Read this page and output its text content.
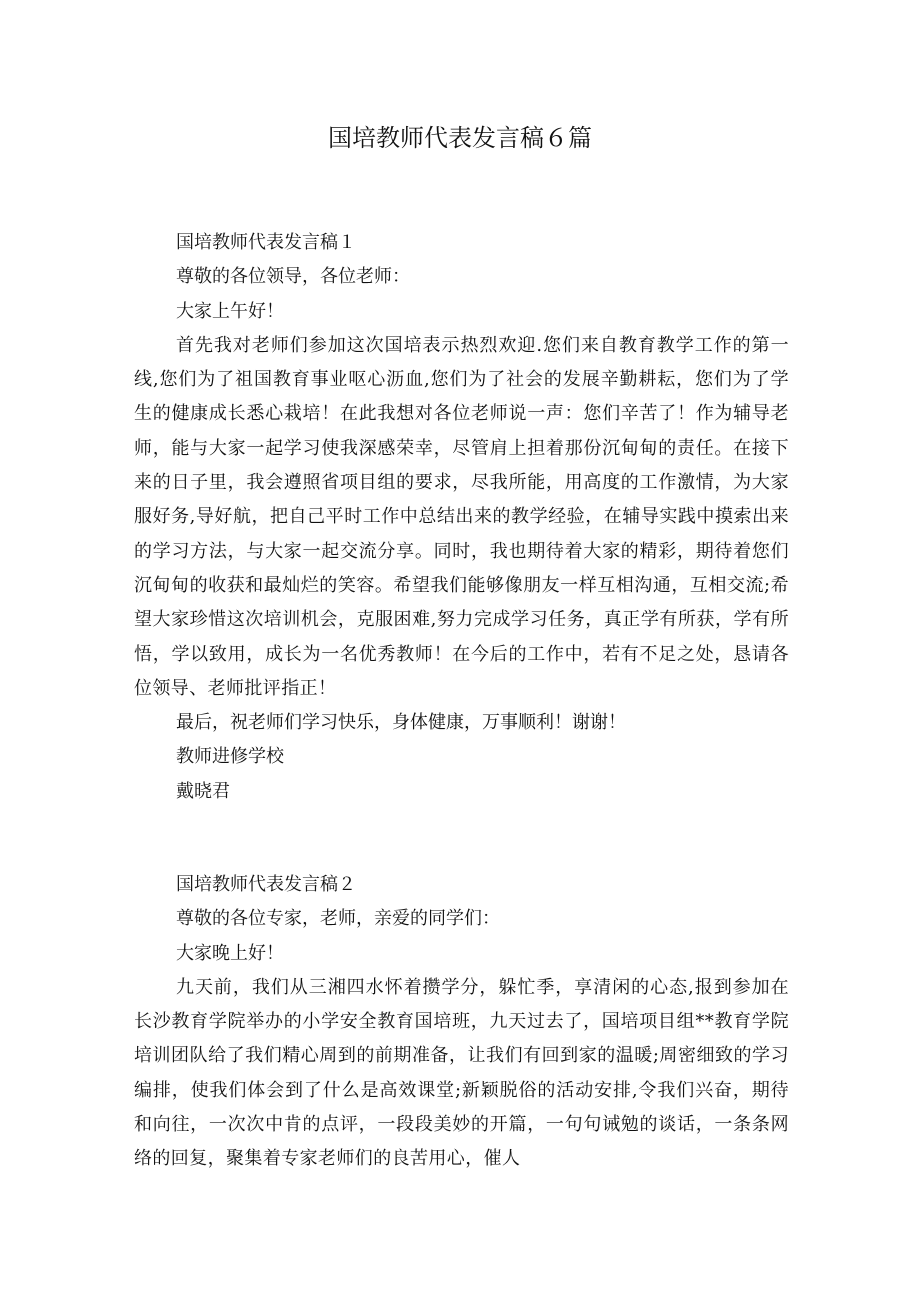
国培教师代表发言稿６篇
国培教师代表发言稿１
尊敬的各位领导，各位老师：
大家上午好！
首先我对老师们参加这次国培表示热烈欢迎.您们来自教育教学工作的第一线,您们为了祖国教育事业呕心沥血,您们为了社会的发展辛勤耕耘，您们为了学生的健康成长悉心栽培！在此我想对各位老师说一声：您们辛苦了！作为辅导老师，能与大家一起学习使我深感荣幸，尽管肩上担着那份沉甸甸的责任。在接下来的日子里，我会遵照省项目组的要求，尽我所能，用高度的工作激情，为大家服好务,导好航，把自己平时工作中总结出来的教学经验，在辅导实践中摸索出来的学习方法，与大家一起交流分享。同时，我也期待着大家的精彩，期待着您们沉甸甸的收获和最灿烂的笑容。希望我们能够像朋友一样互相沟通，互相交流;希望大家珍惜这次培训机会，克服困难,努力完成学习任务，真正学有所获，学有所悟，学以致用，成长为一名优秀教师！在今后的工作中，若有不足之处，恳请各位领导、老师批评指正！
最后，祝老师们学习快乐，身体健康，万事顺利！谢谢！
教师进修学校
戴晓君
国培教师代表发言稿２
尊敬的各位专家，老师，亲爱的同学们：
大家晚上好！
九天前，我们从三湘四水怀着攒学分，躲忙季，享清闲的心态,报到参加在长沙教育学院举办的小学安全教育国培班，九天过去了，国培项目组**教育学院培训团队给了我们精心周到的前期准备，让我们有回到家的温暖;周密细致的学习编排，使我们体会到了什么是高效课堂;新颖脱俗的活动安排,令我们兴奋，期待和向往，一次次中肯的点评，一段段美妙的开篇，一句句诫勉的谈话，一条条网络的回复，聚集着专家老师们的良苦用心，催人
